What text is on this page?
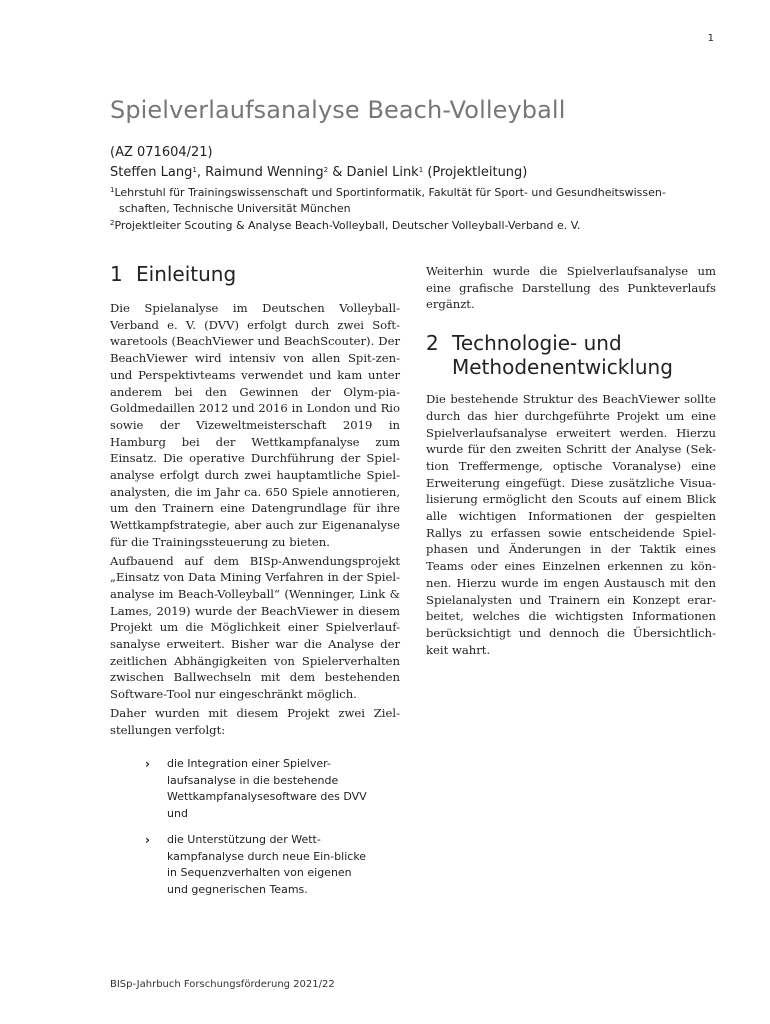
1
Spielverlaufsanalyse Beach-Volleyball
(AZ 071604/21)
Steffen Lang$^1$, Raimund Wenning$^2$ & Daniel Link$^1$ (Projektleitung)
$^1$Lehrstuhl für Trainingswissenschaft und Sportinformatik, Fakultät für Sport- und Gesundheitswissen-
schaften, Technische Universität München
$^2$Projektleiter Scouting & Analyse Beach-Volleyball, Deutscher Volleyball-Verband e. V.
1 Einleitung

Die Spielanalyse im Deutschen Volleyball-Verband e. V. (DVV) erfolgt durch zwei Soft-waretools (BeachViewer und BeachScouter). Der BeachViewer wird intensiv von allen Spit-zen- und Perspektivteams verwendet und kam unter anderem bei den Gewinnen der Olym-pia-Goldmedaillen 2012 und 2016 in London und Rio sowie der Vizeweltmeisterschaft 2019 in Hamburg bei der Wettkampfanalyse zum Einsatz. Die operative Durchführung der Spiel-analyse erfolgt durch zwei hauptamtliche Spiel-analysten, die im Jahr ca. 650 Spiele annotieren, um den Trainern eine Datengrundlage für ihre Wettkampfstrategie, aber auch zur Eigenanalyse für die Trainingssteuerung zu bieten.

Aufbauend auf dem BISp-Anwendungsprojekt „Einsatz von Data Mining Verfahren in der Spiel-analyse im Beach-Volleyball“ (Wenninger, Link & Lames, 2019) wurde der BeachViewer in diesem Projekt um die Möglichkeit einer Spielverlauf-sanalyse erweitert. Bisher war die Analyse der zeitlichen Abhängigkeiten von Spielerverhalten zwischen Ballwechseln mit dem bestehenden Software-Tool nur eingeschränkt möglich.

Daher wurden mit diesem Projekt zwei Ziel-stellungen verfolgt:

›	die Integration einer Spielver-laufsanalyse in die bestehende Wettkampfanalysesoftware des DVV und
›	die Unterstützung der Wett-kampfanalyse durch neue Ein-blicke in Sequenzverhalten von eigenen und gegnerischen Teams.

Weiterhin wurde die Spielverlaufsanalyse um eine grafische Darstellung des Punkteverlaufs ergänzt.

2 Technologie- und
Methodenentwicklung

Die bestehende Struktur des BeachViewer sollte durch das hier durchgeführte Projekt um eine Spielverlaufsanalyse erweitert werden. Hierzu wurde für den zweiten Schritt der Analyse (Sek-tion Treffermenge, optische Voranalyse) eine Erweiterung eingefügt. Diese zusätzliche Visua-lisierung ermöglicht den Scouts auf einem Blick alle wichtigen Informationen der gespielten Rallys zu erfassen sowie entscheidende Spiel-phasen und Änderungen in der Taktik eines Teams oder eines Einzelnen erkennen zu kön-nen. Hierzu wurde im engen Austausch mit den Spielanalysten und Trainern ein Konzept erar-beitet, welches die wichtigsten Informationen berücksichtigt und dennoch die Übersichtlich-keit wahrt.

BISp-Jahrbuch Forschungsförderung 2021/22
